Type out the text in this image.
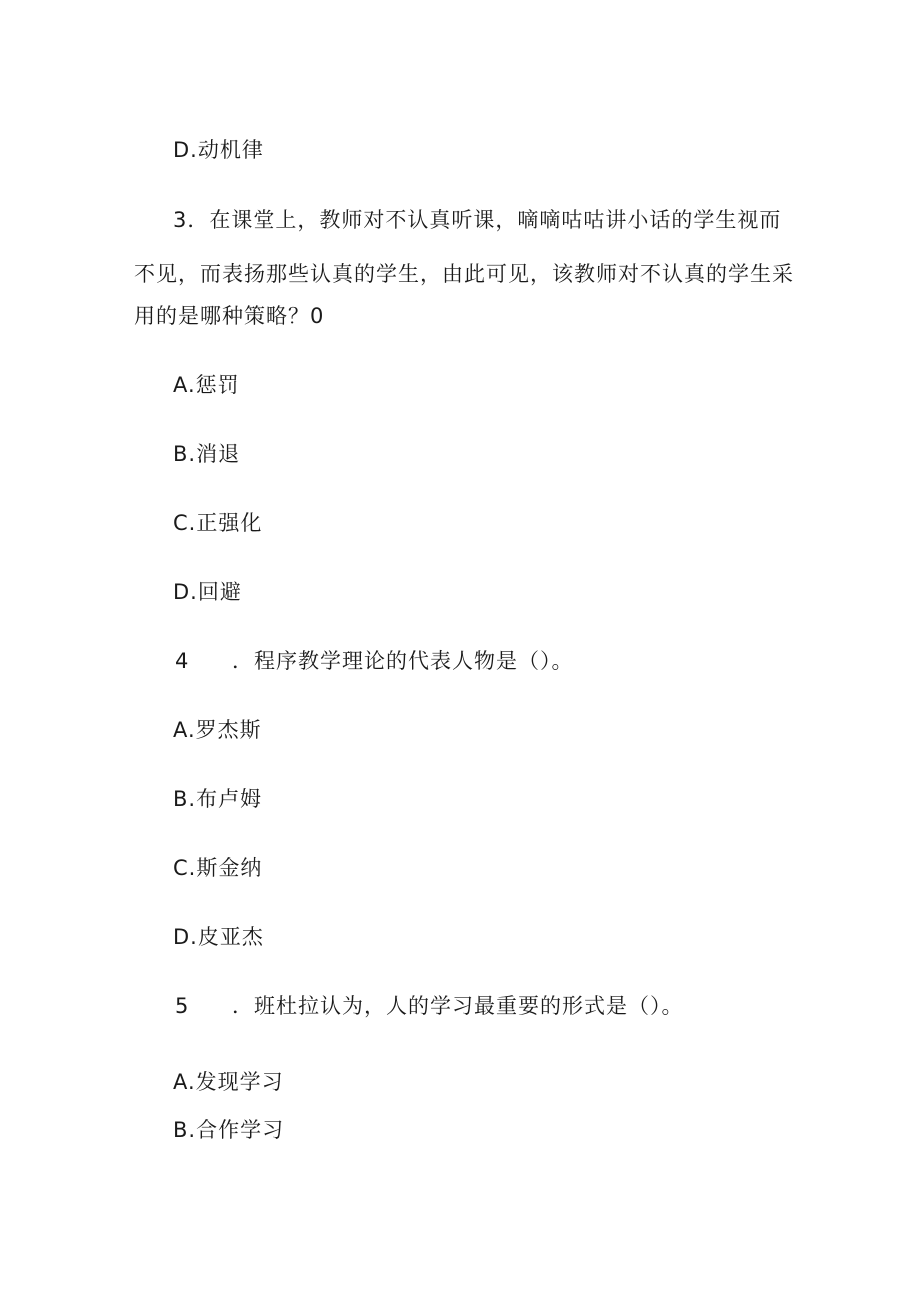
D.动机律
3．在课堂上，教师对不认真听课，嘀嘀咕咕讲小话的学生视而
不见，而表扬那些认真的学生，由此可见，该教师对不认真的学生采
用的是哪种策略？0
A.惩罚
B.消退
C.正强化
D.回避
4 ．程序教学理论的代表人物是（）。
A.罗杰斯
B.布卢姆
C.斯金纳
D.皮亚杰
5 ．班杜拉认为，人的学习最重要的形式是（）。
A.发现学习
B.合作学习
